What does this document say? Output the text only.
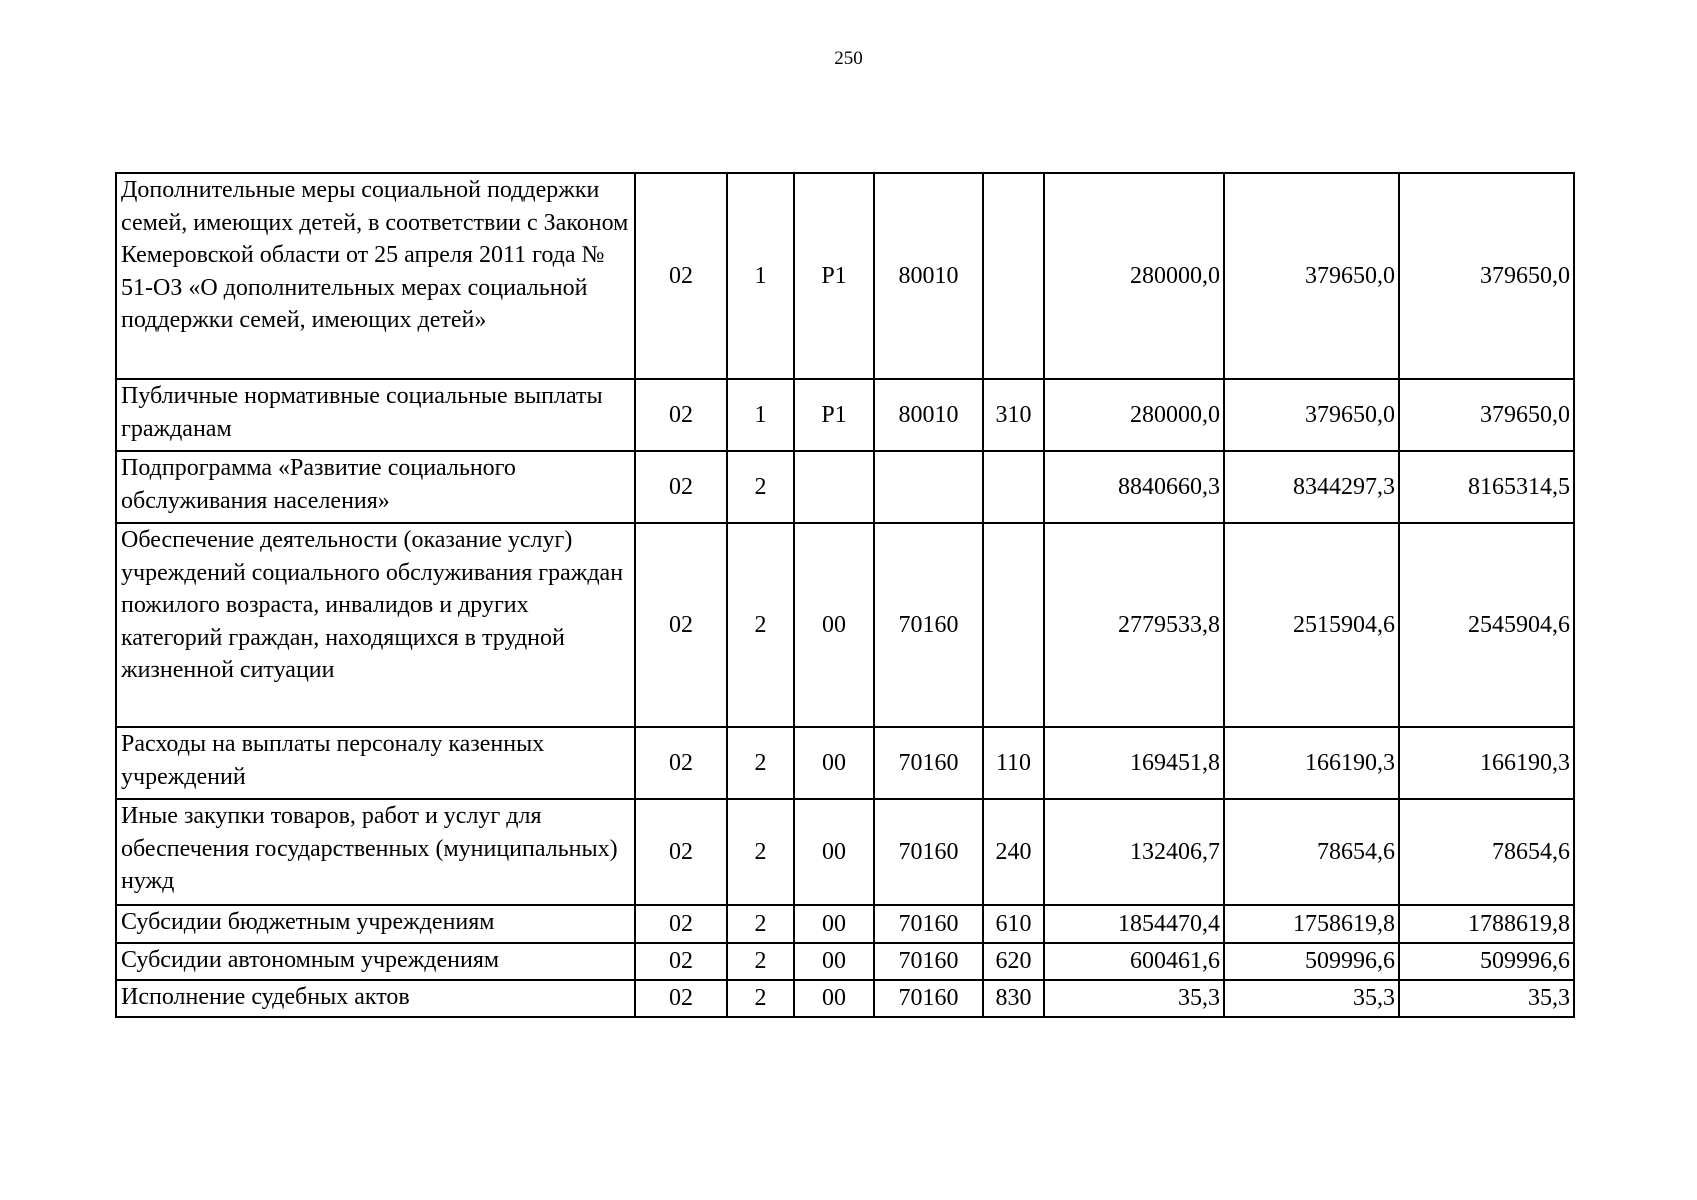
250
Дополнительные меры социальной поддержки семей, имеющих детей, в соответствии с Законом Кемеровской области от 25 апреля 2011 года № 51-ОЗ «О дополнительных мерах социальной поддержки семей, имеющих детей»	02	1	Р1	80010		280000,0	379650,0	379650,0
Публичные нормативные социальные выплаты гражданам	02	1	Р1	80010	310	280000,0	379650,0	379650,0
Подпрограмма «Развитие социального обслуживания населения»	02	2				8840660,3	8344297,3	8165314,5
Обеспечение деятельности (оказание услуг) учреждений социального обслуживания граждан пожилого возраста, инвалидов и других категорий граждан, находящихся в трудной жизненной ситуации	02	2	00	70160		2779533,8	2515904,6	2545904,6
Расходы на выплаты персоналу казенных учреждений	02	2	00	70160	110	169451,8	166190,3	166190,3
Иные закупки товаров, работ и услуг для обеспечения государственных (муниципальных) нужд	02	2	00	70160	240	132406,7	78654,6	78654,6
Субсидии бюджетным учреждениям	02	2	00	70160	610	1854470,4	1758619,8	1788619,8
Субсидии автономным учреждениям	02	2	00	70160	620	600461,6	509996,6	509996,6
Исполнение судебных актов	02	2	00	70160	830	35,3	35,3	35,3
